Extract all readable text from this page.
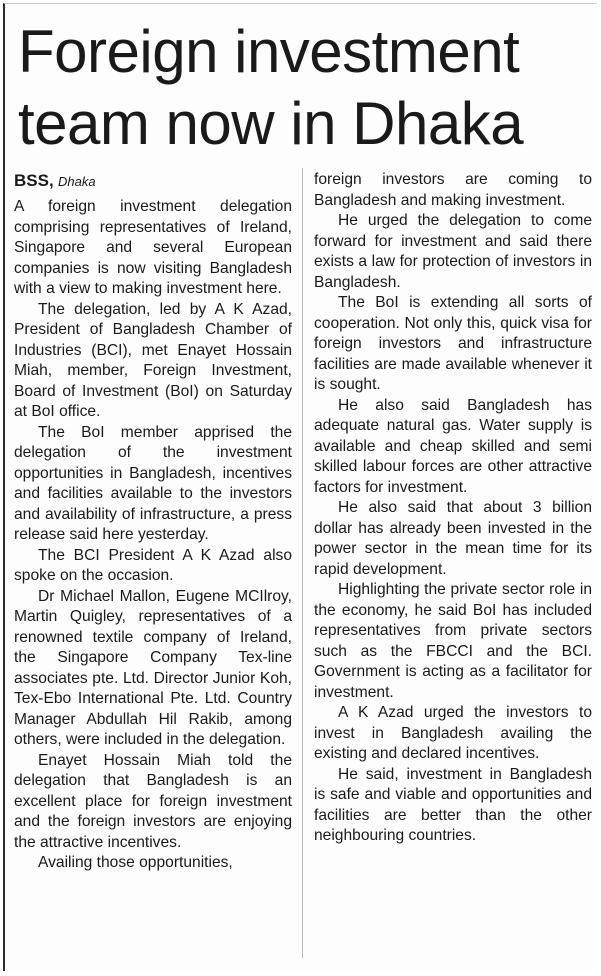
Foreign investment
team now in Dhaka

BSS, Dhaka

A foreign investment delegation comprising representatives of Ireland, Singapore and several European companies is now visiting Bangladesh with a view to making investment here.

The delegation, led by A K Azad, President of Bangladesh Chamber of Industries (BCI), met Enayet Hossain Miah, member, Foreign Investment, Board of Investment (BoI) on Saturday at BoI office.

The BoI member apprised the delegation of the investment opportunities in Bangladesh, incentives and facilities available to the investors and availability of infrastructure, a press release said here yesterday.

The BCI President A K Azad also spoke on the occasion.

Dr Michael Mallon, Eugene MCIlroy, Martin Quigley, representatives of a renowned textile company of Ireland, the Singapore Company Tex-line associates pte. Ltd. Director Junior Koh, Tex-Ebo International Pte. Ltd. Country Manager Abdullah Hil Rakib, among others, were included in the delegation.

Enayet Hossain Miah told the delegation that Bangladesh is an excellent place for foreign investment and the foreign investors are enjoying the attractive incentives.

Availing those opportunities,

foreign investors are coming to Bangladesh and making investment.

He urged the delegation to come forward for investment and said there exists a law for protection of investors in Bangladesh.

The BoI is extending all sorts of cooperation. Not only this, quick visa for foreign investors and infrastructure facilities are made available whenever it is sought.

He also said Bangladesh has adequate natural gas. Water supply is available and cheap skilled and semi skilled labour forces are other attractive factors for investment.

He also said that about 3 billion dollar has already been invested in the power sector in the mean time for its rapid development.

Highlighting the private sector role in the economy, he said BoI has included representatives from private sectors such as the FBCCI and the BCI. Government is acting as a facilitator for investment.

A K Azad urged the investors to invest in Bangladesh availing the existing and declared incentives.

He said, investment in Bangladesh is safe and viable and opportunities and facilities are better than the other neighbouring countries.
